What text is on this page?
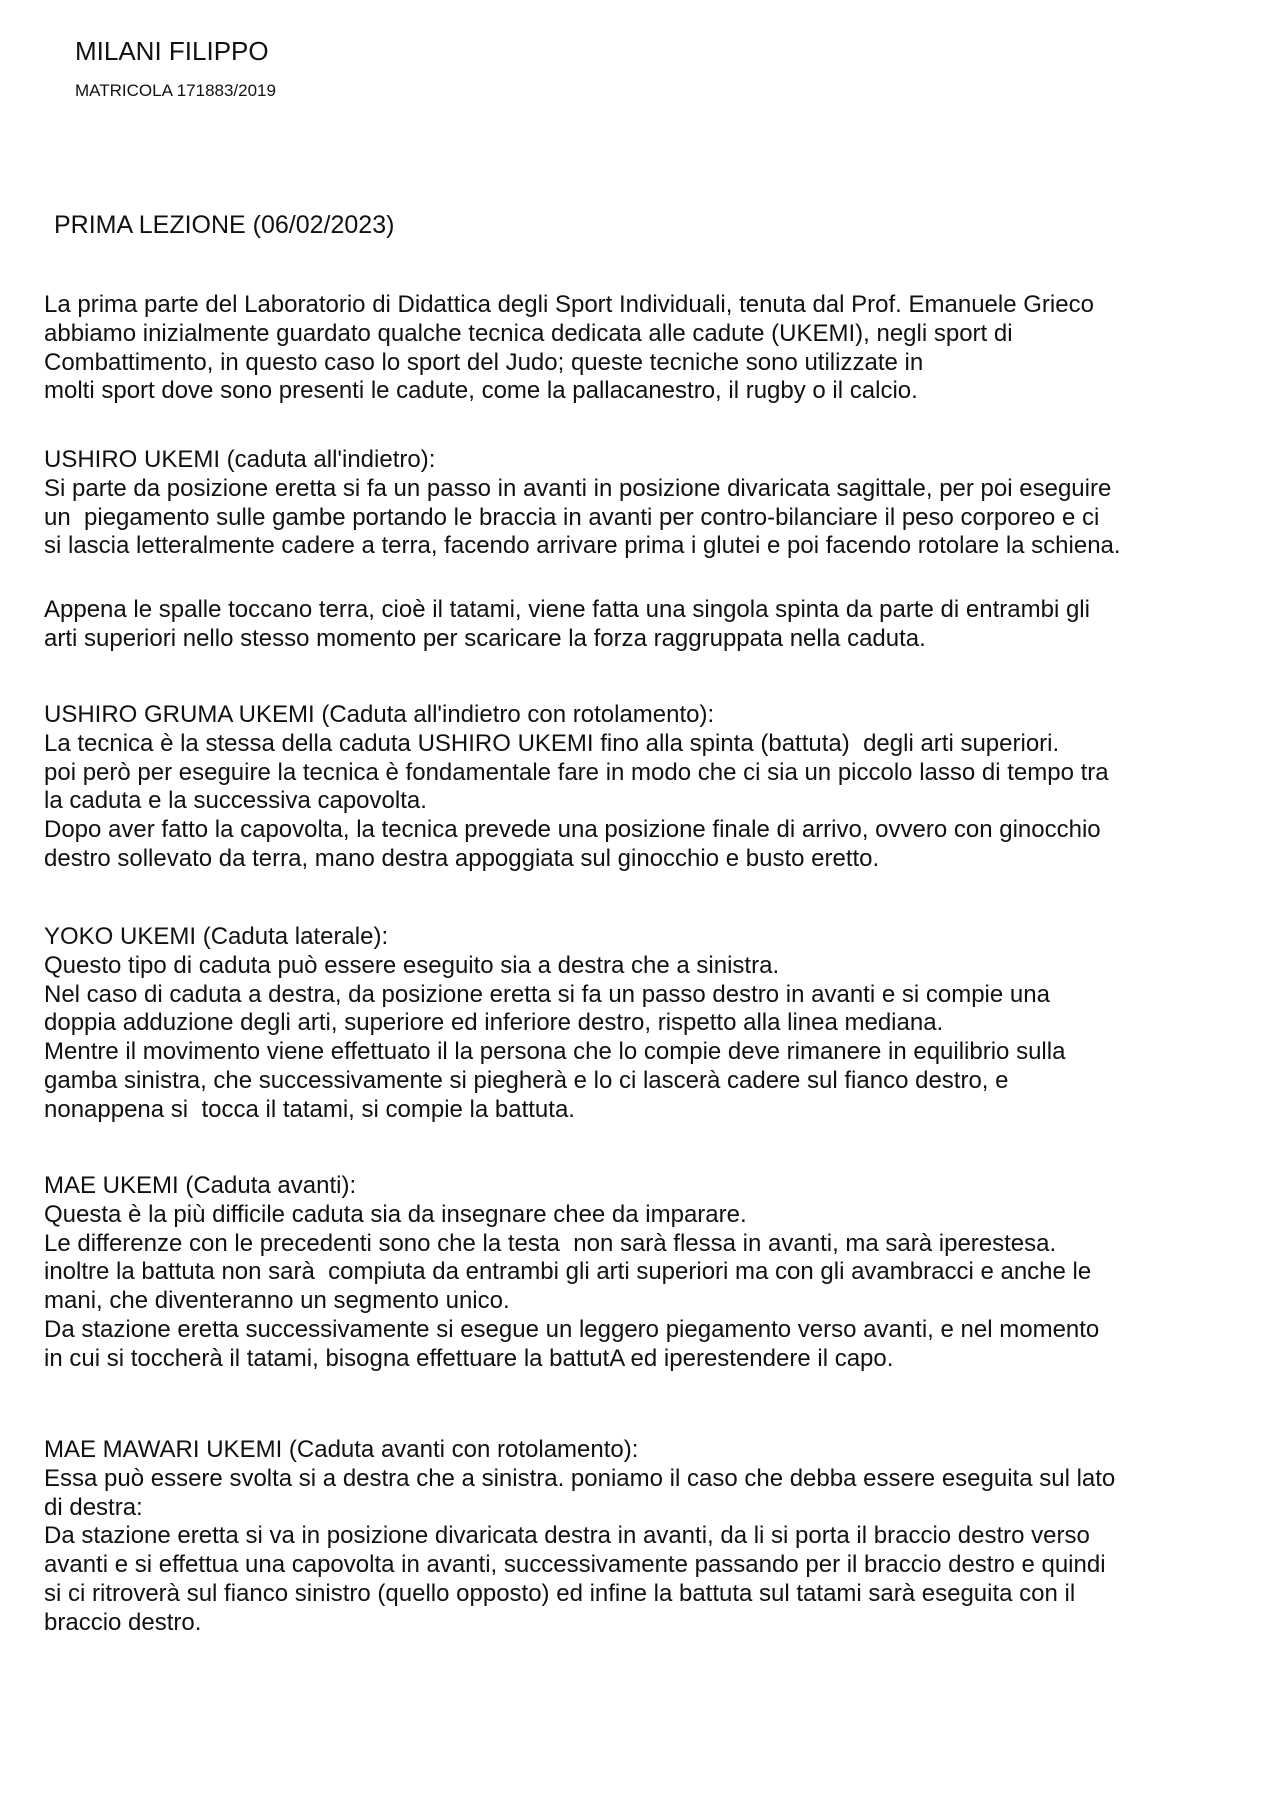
MILANI FILIPPO
MATRICOLA 171883/2019
PRIMA LEZIONE (06/02/2023)
La prima parte del Laboratorio di Didattica degli Sport Individuali, tenuta dal Prof. Emanuele Grieco
abbiamo inizialmente guardato qualche tecnica dedicata alle cadute (UKEMI), negli sport di
Combattimento, in questo caso lo sport del Judo; queste tecniche sono utilizzate in
molti sport dove sono presenti le cadute, come la pallacanestro, il rugby o il calcio.
USHIRO UKEMI (caduta all'indietro):
Si parte da posizione eretta si fa un passo in avanti in posizione divaricata sagittale, per poi eseguire
un  piegamento sulle gambe portando le braccia in avanti per contro-bilanciare il peso corporeo e ci
si lascia letteralmente cadere a terra, facendo arrivare prima i glutei e poi facendo rotolare la schiena.
Appena le spalle toccano terra, cioè il tatami, viene fatta una singola spinta da parte di entrambi gli
arti superiori nello stesso momento per scaricare la forza raggruppata nella caduta.
USHIRO GRUMA UKEMI (Caduta all'indietro con rotolamento):
La tecnica è la stessa della caduta USHIRO UKEMI fino alla spinta (battuta)  degli arti superiori.
poi però per eseguire la tecnica è fondamentale fare in modo che ci sia un piccolo lasso di tempo tra
la caduta e la successiva capovolta.
Dopo aver fatto la capovolta, la tecnica prevede una posizione finale di arrivo, ovvero con ginocchio
destro sollevato da terra, mano destra appoggiata sul ginocchio e busto eretto.
YOKO UKEMI (Caduta laterale):
Questo tipo di caduta può essere eseguito sia a destra che a sinistra.
Nel caso di caduta a destra, da posizione eretta si fa un passo destro in avanti e si compie una
doppia adduzione degli arti, superiore ed inferiore destro, rispetto alla linea mediana.
Mentre il movimento viene effettuato il la persona che lo compie deve rimanere in equilibrio sulla
gamba sinistra, che successivamente si piegherà e lo ci lascerà cadere sul fianco destro, e
nonappena si  tocca il tatami, si compie la battuta.
MAE UKEMI (Caduta avanti):
Questa è la più difficile caduta sia da insegnare chee da imparare.
Le differenze con le precedenti sono che la testa  non sarà flessa in avanti, ma sarà iperestesa.
inoltre la battuta non sarà  compiuta da entrambi gli arti superiori ma con gli avambracci e anche le
mani, che diventeranno un segmento unico.
Da stazione eretta successivamente si esegue un leggero piegamento verso avanti, e nel momento
in cui si toccherà il tatami, bisogna effettuare la battutA ed iperestendere il capo.
MAE MAWARI UKEMI (Caduta avanti con rotolamento):
Essa può essere svolta si a destra che a sinistra. poniamo il caso che debba essere eseguita sul lato
di destra:
Da stazione eretta si va in posizione divaricata destra in avanti, da li si porta il braccio destro verso
avanti e si effettua una capovolta in avanti, successivamente passando per il braccio destro e quindi
si ci ritroverà sul fianco sinistro (quello opposto) ed infine la battuta sul tatami sarà eseguita con il
braccio destro.
